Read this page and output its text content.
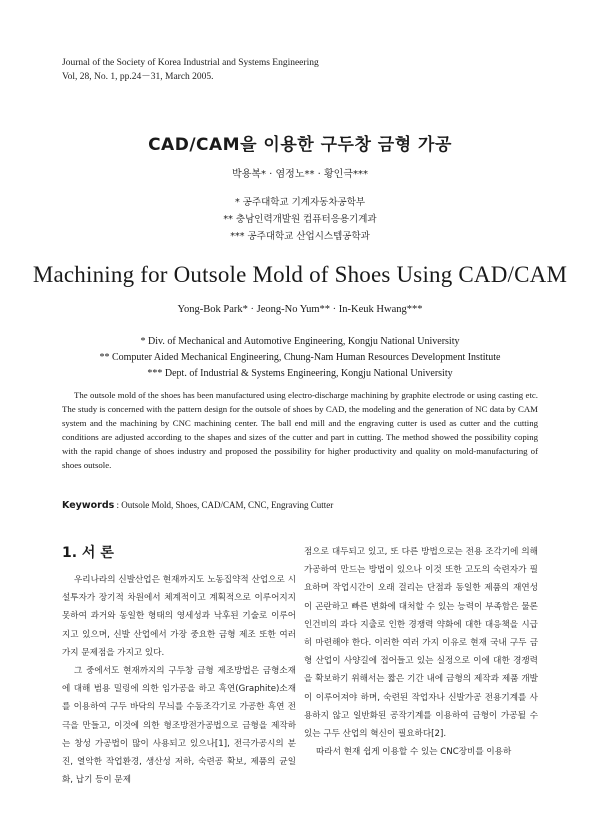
Journal of the Society of Korea Industrial and Systems Engineering
Vol, 28, No. 1, pp.24－31, March 2005.
CAD/CAM을 이용한 구두창 금형 가공
박용복* · 염정노** · 황인극***
* 공주대학교 기계자동차공학부
** 충남인력개발원 컴퓨터응용기계과
*** 공주대학교 산업시스템공학과
Machining for Outsole Mold of Shoes Using CAD/CAM
Yong-Bok Park* · Jeong-No Yum** · In-Keuk Hwang***
* Div. of Mechanical and Automotive Engineering, Kongju National University
** Computer Aided Mechanical Engineering, Chung-Nam Human Resources Development Institute
*** Dept. of Industrial & Systems Engineering, Kongju National University
The outsole mold of the shoes has been manufactured using electro-discharge machining by graphite electrode or using casting etc. The study is concerned with the pattern design for the outsole of shoes by CAD, the modeling and the generation of NC data by CAM system and the machining by CNC machining center. The ball end mill and the engraving cutter is used as cutter and the cutting conditions are adjusted according to the shapes and sizes of the cutter and part in cutting. The method showed the possibility coping with the rapid change of shoes industry and proposed the possibility for higher productivity and quality on mold-manufacturing of shoes outsole.
Keywords : Outsole Mold, Shoes, CAD/CAM, CNC, Engraving Cutter
1. 서 론

우리나라의 신발산업은 현재까지도 노동집약적 산업으로 시설투자가 장기적 차원에서 체계적이고 계획적으로 이루어지지 못하여 과거와 동일한 형태의 영세성과 낙후된 기술로 이루어지고 있으며, 신발 산업에서 가장 중요한 금형 제조 또한 여러 가지 문제점을 가지고 있다.

그 중에서도 현재까지의 구두창 금형 제조방법은 금형소재에 대해 범용 밀링에 의한 임가공을 하고 흑연(Graphite)소재를 이용하여 구두 바닥의 무늬를 수동조각기로 가공한 흑연 전극을 만들고, 이것에 의한 형조방전가공법으로 금형을 제작하는 창성 가공법이 많이 사용되고 있으나[1], 전극가공시의 분진, 열악한 작업환경, 생산성 저하, 숙련공 확보, 제품의 균일화, 납기 등이 문제

점으로 대두되고 있고, 또 다른 방법으로는 전용 조각기에 의해 가공하여 만드는 방법이 있으나 이것 또한 고도의 숙련자가 필요하며 작업시간이 오래 걸리는 단점과 동일한 제품의 재연성이 곤란하고 빠른 변화에 대처할 수 있는 능력이 부족함은 물론 인건비의 과다 지출로 인한 경쟁력 약화에 대한 대응책을 시급히 마련해야 한다. 이러한 여러 가지 이유로 현재 국내 구두 금형 산업이 사양길에 접어들고 있는 실정으로 이에 대한 경쟁력을 확보하기 위해서는 짧은 기간 내에 금형의 제작과 제품 개발이 이루어져야 하며, 숙련된 작업자나 신발가공 전용기계를 사용하지 않고 일반화된 공작기계를 이용하여 금형이 가공될 수 있는 구두 산업의 혁신이 필요하다[2].

따라서 현재 쉽게 이용할 수 있는 CNC장비를 이용하
